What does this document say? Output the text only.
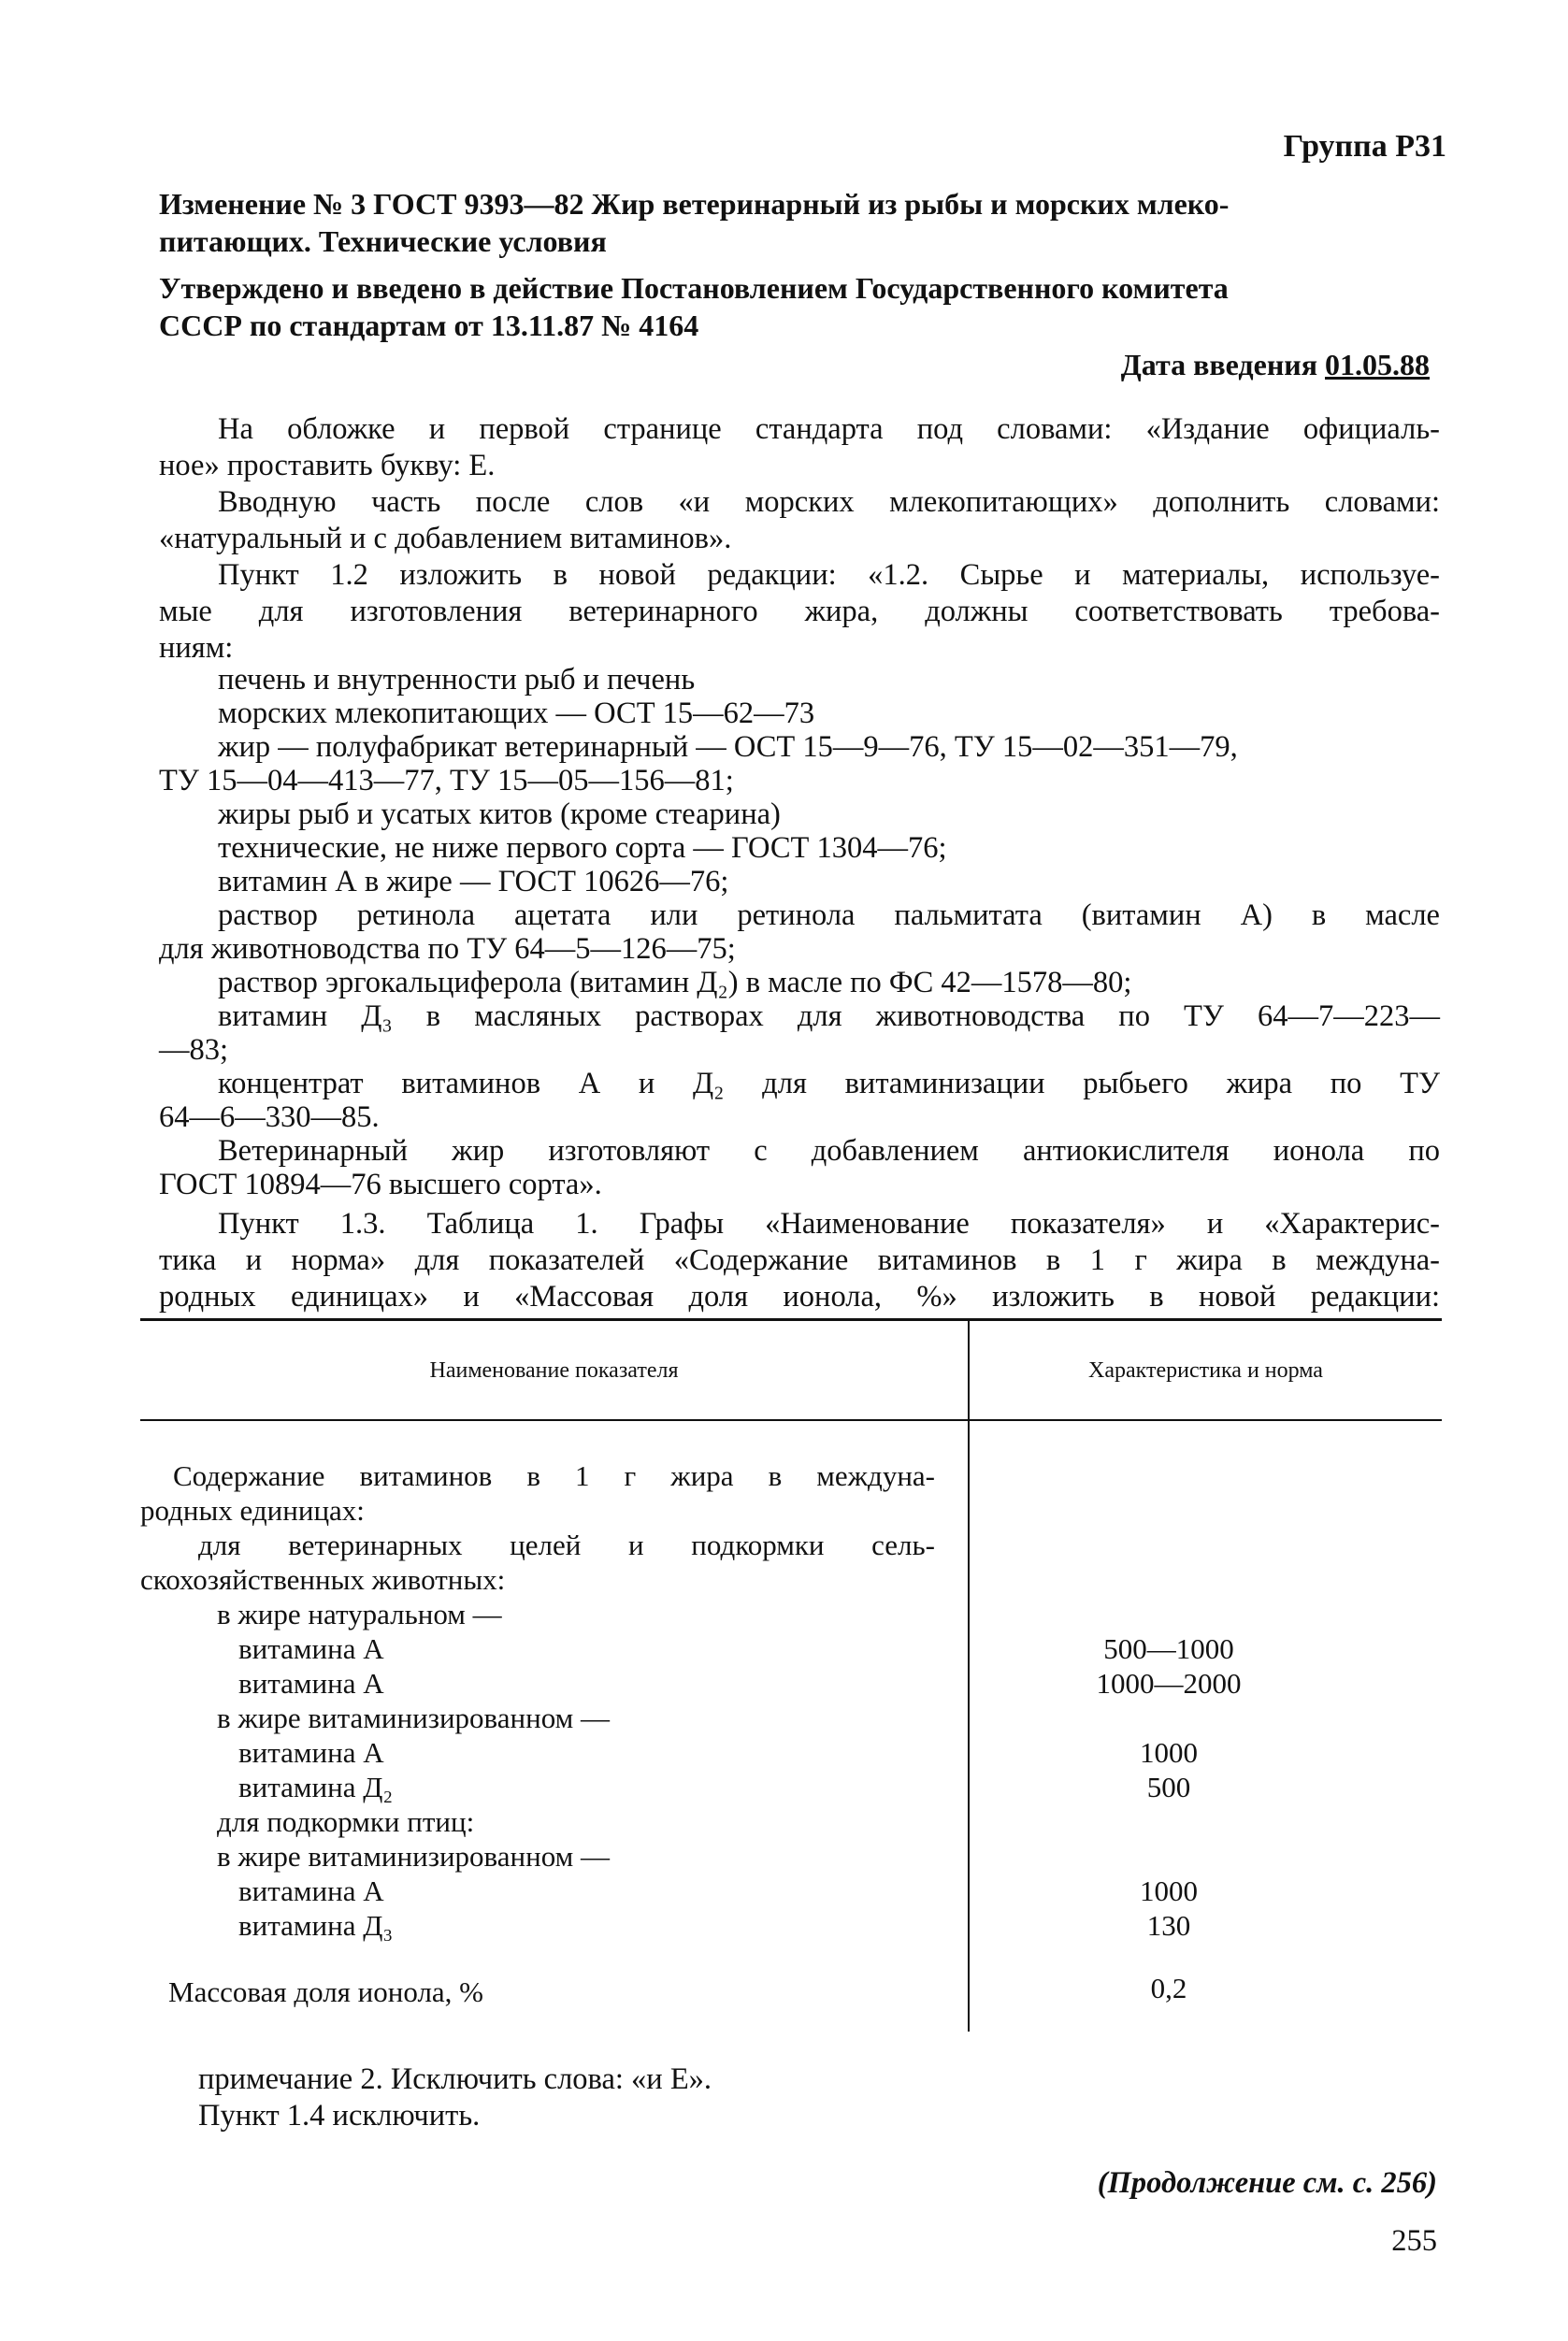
Группа Р31
Изменение № 3 ГОСТ 9393—82 Жир ветеринарный из рыбы и морских млеко-
питающих. Технические условия
Утверждено и введено в действие Постановлением Государственного комитета
СССР по стандартам от 13.11.87 № 4164
Дата введения 01.05.88
На обложке и первой странице стандарта под словами: «Издание официаль-
ное» проставить букву: Е.
Вводную часть после слов «и морских млекопитающих» дополнить словами:
«натуральный и с добавлением витаминов».
Пункт 1.2 изложить в новой редакции: «1.2. Сырье и материалы, используе-
мые для изготовления ветеринарного жира, должны соответствовать требова-
ниям:
печень и внутренности рыб и печень
морских млекопитающих — ОСТ 15—62—73
жир — полуфабрикат ветеринарный — ОСТ 15—9—76, ТУ 15—02—351—79,
ТУ 15—04—413—77, ТУ 15—05—156—81;
жиры рыб и усатых китов (кроме стеарина)
технические, не ниже первого сорта — ГОСТ 1304—76;
витамин А в жире — ГОСТ 10626—76;
раствор ретинола ацетата или ретинола пальмитата (витамин А) в масле
для животноводства по ТУ 64—5—126—75;
раствор эргокальциферола (витамин Д₂) в масле по ФС 42—1578—80;
витамин Д₃ в масляных растворах для животноводства по ТУ 64—7—223—
—83;
концентрат витаминов А и Д₂ для витаминизации рыбьего жира по ТУ
64—6—330—85.
Ветеринарный жир изготовляют с добавлением антиокислителя ионола по
ГОСТ 10894—76 высшего сорта».
Пункт 1.3. Таблица 1. Графы «Наименование показателя» и «Характерис-
тика и норма» для показателей «Содержание витаминов в 1 г жира в междуна-
родных единицах» и «Массовая доля ионола, %» изложить в новой редакции:
Наименование показателя	Характеристика и норма
Содержание витаминов в 1 г жира в междуна-
родных единицах:
для ветеринарных целей и подкормки сель-
скохозяйственных животных:
в жире натуральном —
витамина А	500—1000
витамина А	1000—2000
в жире витаминизированном —
витамина А	1000
витамина Д₂	500
для подкормки птиц:
в жире витаминизированном —
витамина А	1000
витамина Д₃	130
Массовая доля ионола, %	0,2
примечание 2. Исключить слова: «и Е».
Пункт 1.4 исключить.
(Продолжение см. с. 256)
255
